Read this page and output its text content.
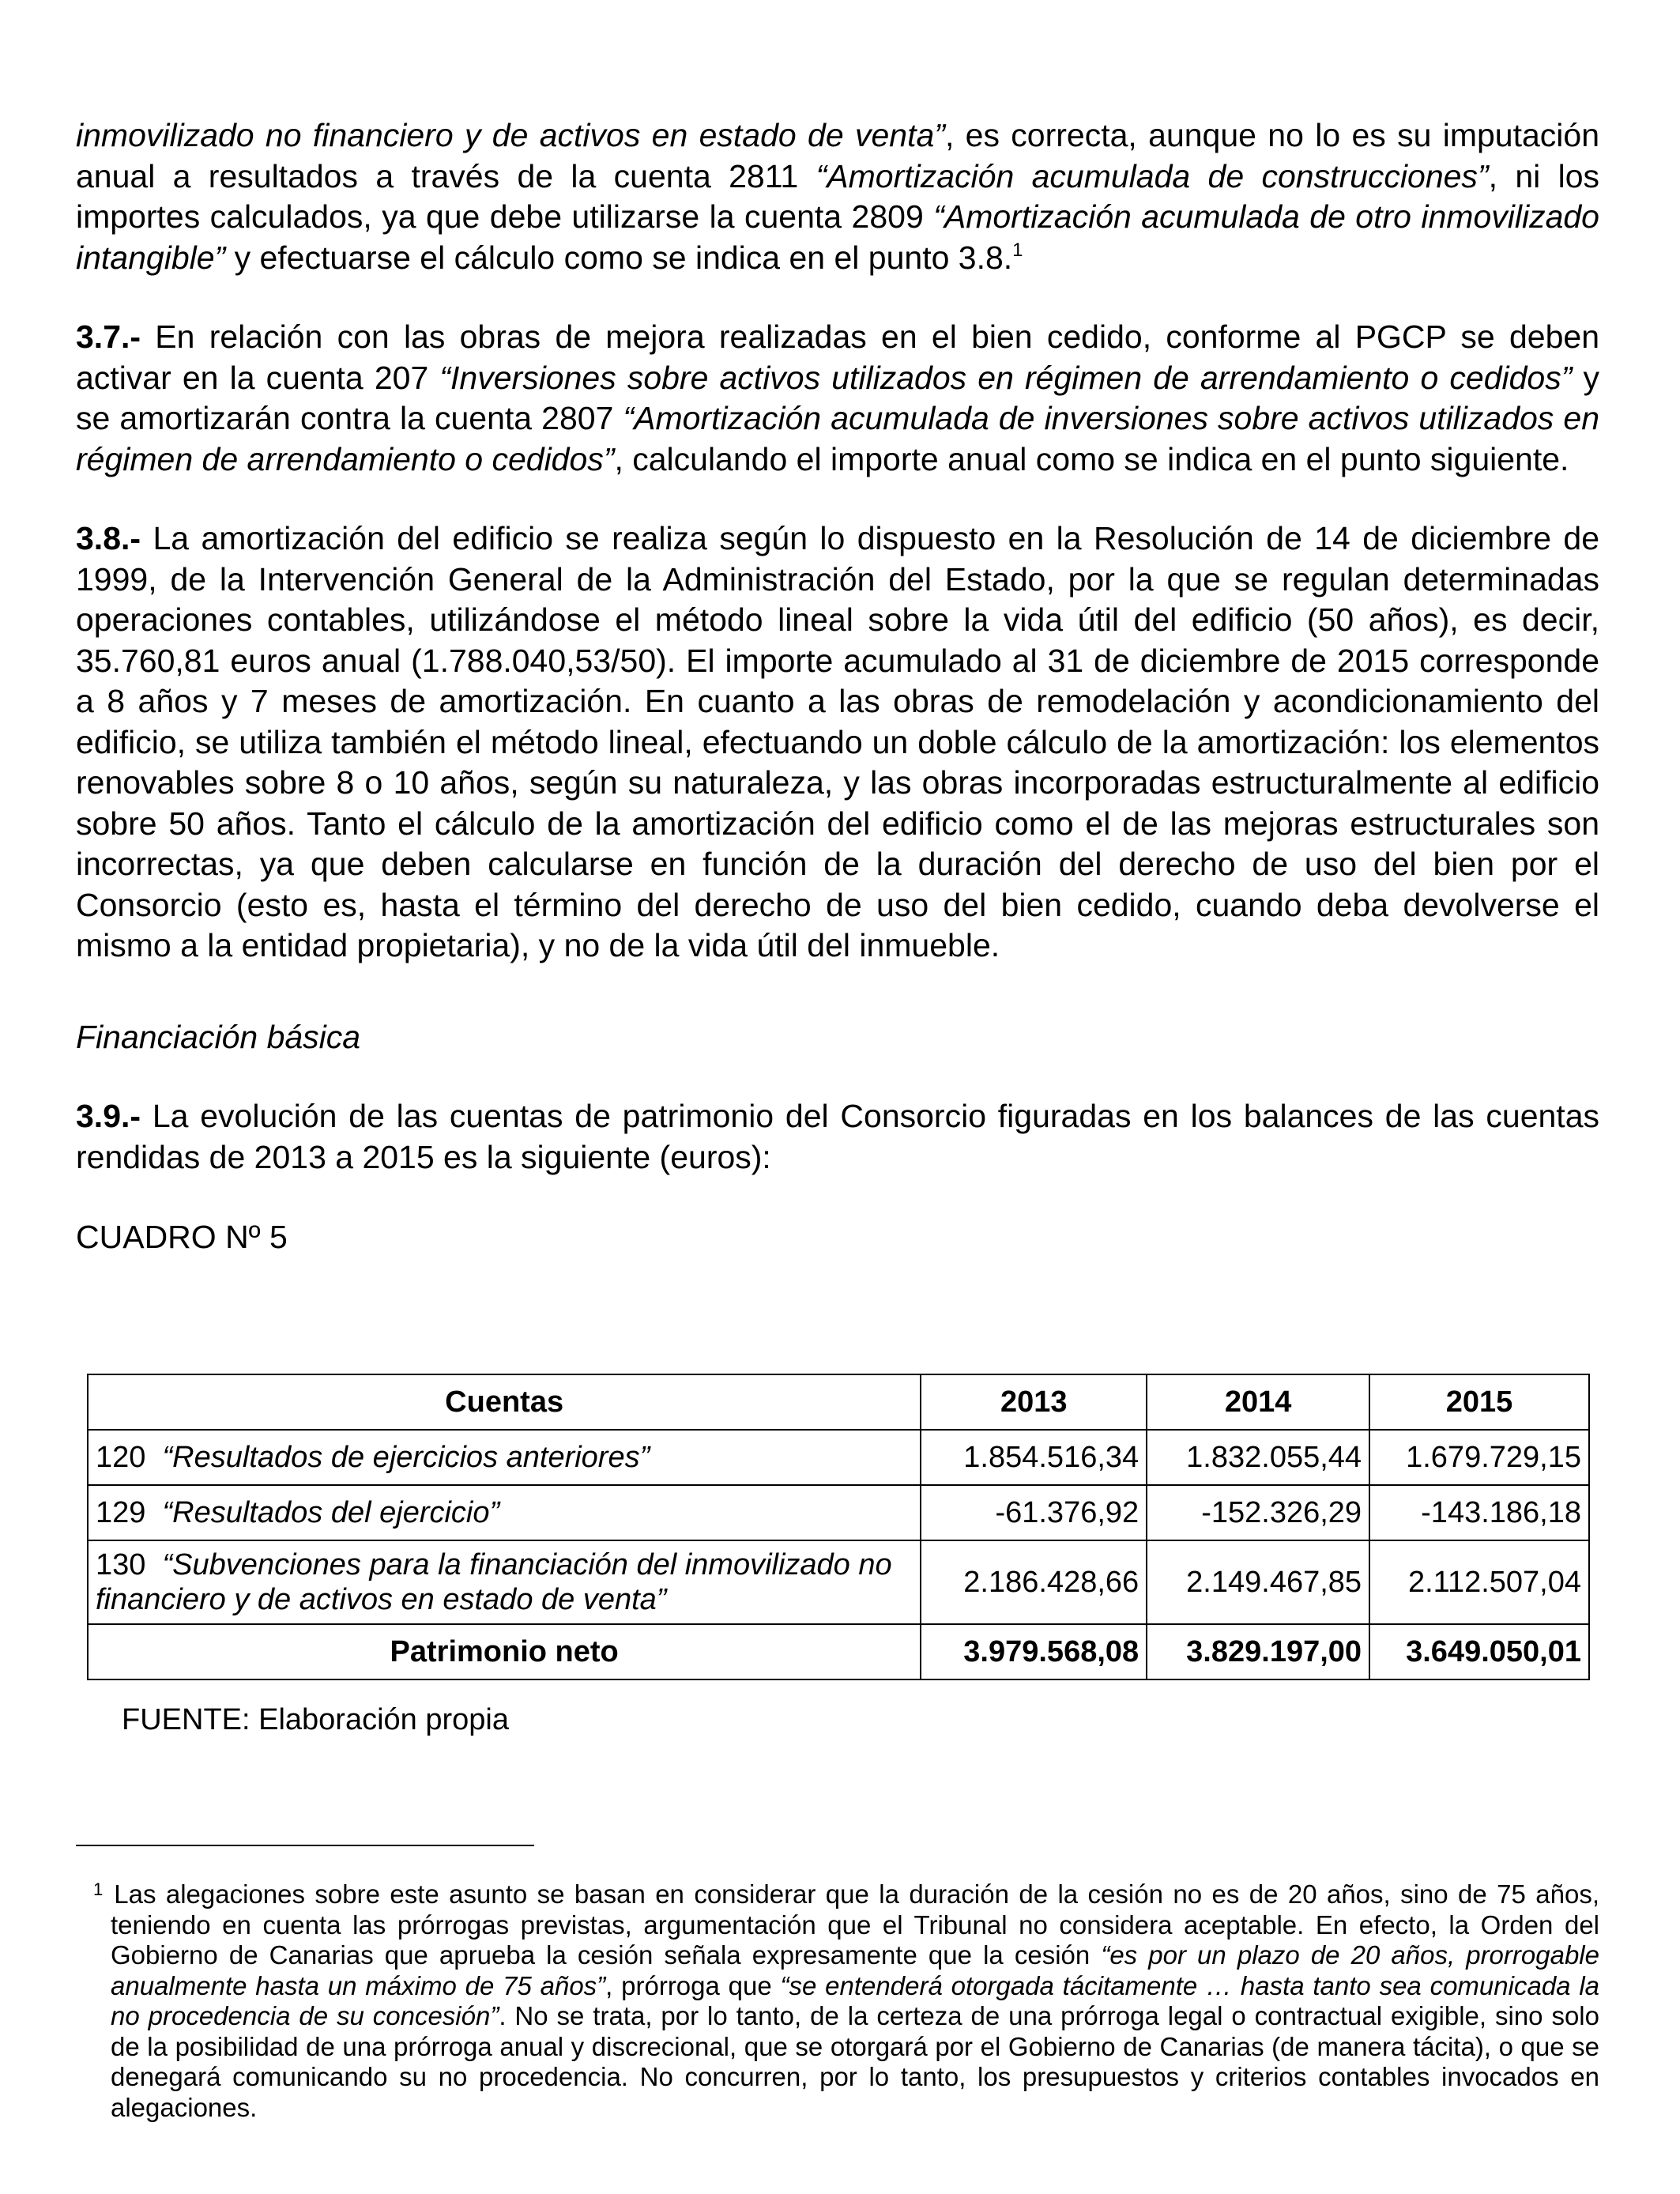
inmovilizado no financiero y de activos en estado de venta”, es correcta, aunque no lo es su imputación anual a resultados a través de la cuenta 2811 “Amortización acumulada de construcciones”, ni los importes calculados, ya que debe utilizarse la cuenta 2809 “Amortización acumulada de otro inmovilizado intangible” y efectuarse el cálculo como se indica en el punto 3.8.$^1$

3.7.- En relación con las obras de mejora realizadas en el bien cedido, conforme al PGCP se deben activar en la cuenta 207 “Inversiones sobre activos utilizados en régimen de arrendamiento o cedidos” y se amortizarán contra la cuenta 2807 “Amortización acumulada de inversiones sobre activos utilizados en régimen de arrendamiento o cedidos”, calculando el importe anual como se indica en el punto siguiente.

3.8.- La amortización del edificio se realiza según lo dispuesto en la Resolución de 14 de diciembre de 1999, de la Intervención General de la Administración del Estado, por la que se regulan determinadas operaciones contables, utilizándose el método lineal sobre la vida útil del edificio (50 años), es decir, 35.760,81 euros anual (1.788.040,53/50). El importe acumulado al 31 de diciembre de 2015 corresponde a 8 años y 7 meses de amortización. En cuanto a las obras de remodelación y acondicionamiento del edificio, se utiliza también el método lineal, efectuando un doble cálculo de la amortización: los elementos renovables sobre 8 o 10 años, según su naturaleza, y las obras incorporadas estructuralmente al edificio sobre 50 años. Tanto el cálculo de la amortización del edificio como el de las mejoras estructurales son incorrectas, ya que deben calcularse en función de la duración del derecho de uso del bien por el Consorcio (esto es, hasta el término del derecho de uso del bien cedido, cuando deba devolverse el mismo a la entidad propietaria), y no de la vida útil del inmueble.

Financiación básica

3.9.- La evolución de las cuentas de patrimonio del Consorcio figuradas en los balances de las cuentas rendidas de 2013 a 2015 es la siguiente (euros):

CUADRO Nº 5

Cuentas	2013	2014	2015
120 “Resultados de ejercicios anteriores”	1.854.516,34	1.832.055,44	1.679.729,15
129 “Resultados del ejercicio”	-61.376,92	-152.326,29	-143.186,18
130 “Subvenciones para la financiación del inmovilizado no financiero y de activos en estado de venta”	2.186.428,66	2.149.467,85	2.112.507,04
Patrimonio neto	3.979.568,08	3.829.197,00	3.649.050,01
FUENTE: Elaboración propia
$^1$ Las alegaciones sobre este asunto se basan en considerar que la duración de la cesión no es de 20 años, sino de 75 años, teniendo en cuenta las prórrogas previstas, argumentación que el Tribunal no considera aceptable. En efecto, la Orden del Gobierno de Canarias que aprueba la cesión señala expresamente que la cesión “es por un plazo de 20 años, prorrogable anualmente hasta un máximo de 75 años”, prórroga que “se entenderá otorgada tácitamente … hasta tanto sea comunicada la no procedencia de su concesión”. No se trata, por lo tanto, de la certeza de una prórroga legal o contractual exigible, sino solo de la posibilidad de una prórroga anual y discrecional, que se otorgará por el Gobierno de Canarias (de manera tácita), o que se denegará comunicando su no procedencia. No concurren, por lo tanto, los presupuestos y criterios contables invocados en alegaciones.
